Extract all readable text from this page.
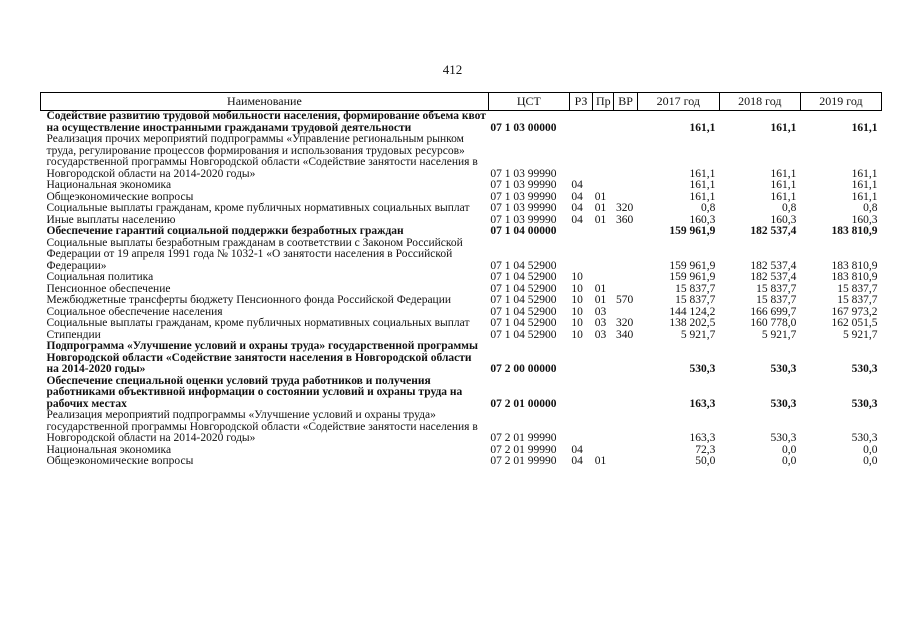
412
Наименование	ЦСТ	РЗ	Пр	ВР	2017 год	2018 год	2019 год
Содействие развитию трудовой мобильности населения, формирование объема квот на осуществление иностранными гражданами трудовой деятельности	07 1 03 00000				161,1	161,1	161,1
Реализация прочих мероприятий подпрограммы «Управление региональным рынком труда, регулирование процессов формирования и использования трудовых ресурсов» государственной программы Новгородской области «Содействие занятости населения в Новгородской области на 2014-2020 годы»	07 1 03 99990				161,1	161,1	161,1
Национальная экономика	07 1 03 99990	04			161,1	161,1	161,1
Общеэкономические вопросы	07 1 03 99990	04	01		161,1	161,1	161,1
Социальные выплаты гражданам, кроме публичных нормативных социальных выплат	07 1 03 99990	04	01	320	0,8	0,8	0,8
Иные выплаты населению	07 1 03 99990	04	01	360	160,3	160,3	160,3
Обеспечение гарантий социальной поддержки безработных граждан	07 1 04 00000				159 961,9	182 537,4	183 810,9
Социальные выплаты безработным гражданам в соответствии с Законом Российской Федерации от 19 апреля 1991 года № 1032-1 «О занятости населения в Российской Федерации»	07 1 04 52900				159 961,9	182 537,4	183 810,9
Социальная политика	07 1 04 52900	10			159 961,9	182 537,4	183 810,9
Пенсионное обеспечение	07 1 04 52900	10	01		15 837,7	15 837,7	15 837,7
Межбюджетные трансферты бюджету Пенсионного фонда Российской Федерации	07 1 04 52900	10	01	570	15 837,7	15 837,7	15 837,7
Социальное обеспечение населения	07 1 04 52900	10	03		144 124,2	166 699,7	167 973,2
Социальные выплаты гражданам, кроме публичных нормативных социальных выплат	07 1 04 52900	10	03	320	138 202,5	160 778,0	162 051,5
Стипендии	07 1 04 52900	10	03	340	5 921,7	5 921,7	5 921,7
Подпрограмма «Улучшение условий и охраны труда» государственной программы Новгородской области «Содействие занятости населения в Новгородской области на 2014-2020 годы»	07 2 00 00000				530,3	530,3	530,3
Обеспечение специальной оценки условий труда работников и получения работниками объективной информации о состоянии условий и охраны труда на рабочих местах	07 2 01 00000				163,3	530,3	530,3
Реализация мероприятий подпрограммы «Улучшение условий и охраны труда» государственной программы Новгородской области «Содействие занятости населения в Новгородской области на 2014-2020 годы»	07 2 01 99990				163,3	530,3	530,3
Национальная экономика	07 2 01 99990	04			72,3	0,0	0,0
Общеэкономические вопросы	07 2 01 99990	04	01		50,0	0,0	0,0
